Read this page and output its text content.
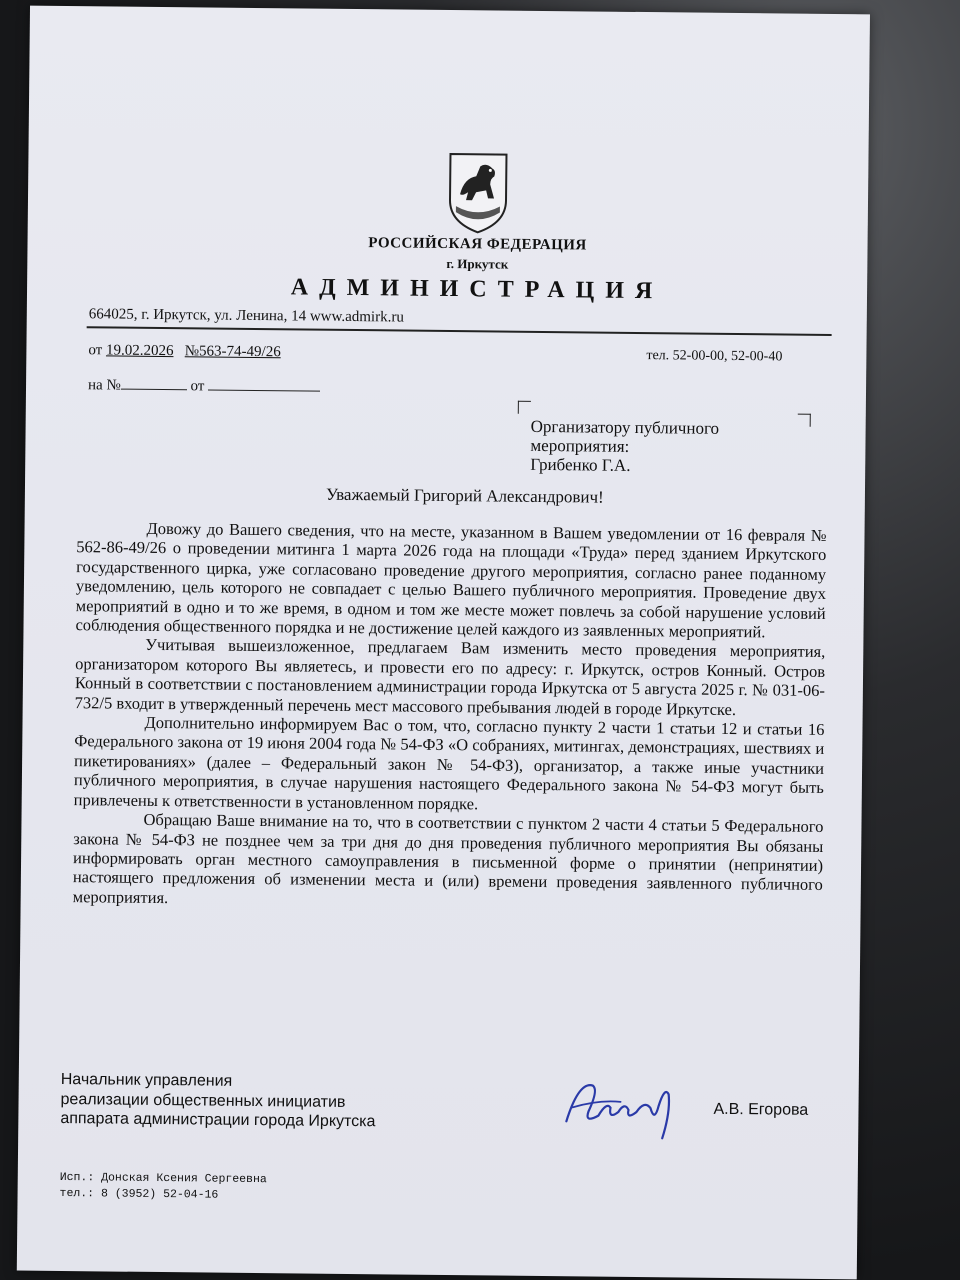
РОССИЙСКАЯ ФЕДЕРАЦИЯ
г. Иркутск
АДМИНИСТРАЦИЯ
664025, г. Иркутск, ул. Ленина, 14 www.admirk.ru
тел. 52-00-00, 52-00-40
от 19.02.2026 №563-74-49/26
на №	от
Организатору публичного
мероприятия:
Грибенко Г.А.
Уважаемый Григорий Александрович!

Довожу до Вашего сведения, что на месте, указанном в Вашем уведомлении от 16 февраля № 562-86-49/26 о проведении митинга 1 марта 2026 года на площади «Труда» перед зданием Иркутского государственного цирка, уже согласовано проведение другого мероприятия, согласно ранее поданному уведомлению, цель которого не совпадает с целью Вашего публичного мероприятия. Проведение двух мероприятий в одно и то же время, в одном и том же месте может повлечь за собой нарушение условий соблюдения общественного порядка и не достижение целей каждого из заявленных мероприятий.

Учитывая вышеизложенное, предлагаем Вам изменить место проведения мероприятия, организатором которого Вы являетесь, и провести его по адресу: г. Иркутск, остров Конный. Остров Конный в соответствии с постановлением администрации города Иркутска от 5 августа 2025 г. № 031-06-732/5 входит в утвержденный перечень мест массового пребывания людей в городе Иркутске.

Дополнительно информируем Вас о том, что, согласно пункту 2 части 1 статьи 12 и статьи 16 Федерального закона от 19 июня 2004 года № 54-ФЗ «О собраниях, митингах, демонстрациях, шествиях и пикетированиях» (далее – Федеральный закон № 54-ФЗ), организатор, а также иные участники публичного мероприятия, в случае нарушения настоящего Федерального закона № 54-ФЗ могут быть привлечены к ответственности в установленном порядке.

Обращаю Ваше внимание на то, что в соответствии с пунктом 2 части 4 статьи 5 Федерального закона № 54-ФЗ не позднее чем за три дня до дня проведения публичного мероприятия Вы обязаны информировать орган местного самоуправления в письменной форме о принятии (непринятии) настоящего предложения об изменении места и (или) времени проведения заявленного публичного мероприятия.

Начальник управления
реализации общественных инициатив
аппарата администрации города Иркутска
А.В. Егорова
Исп.: Донская Ксения Сергеевна
тел.: 8 (3952) 52-04-16
